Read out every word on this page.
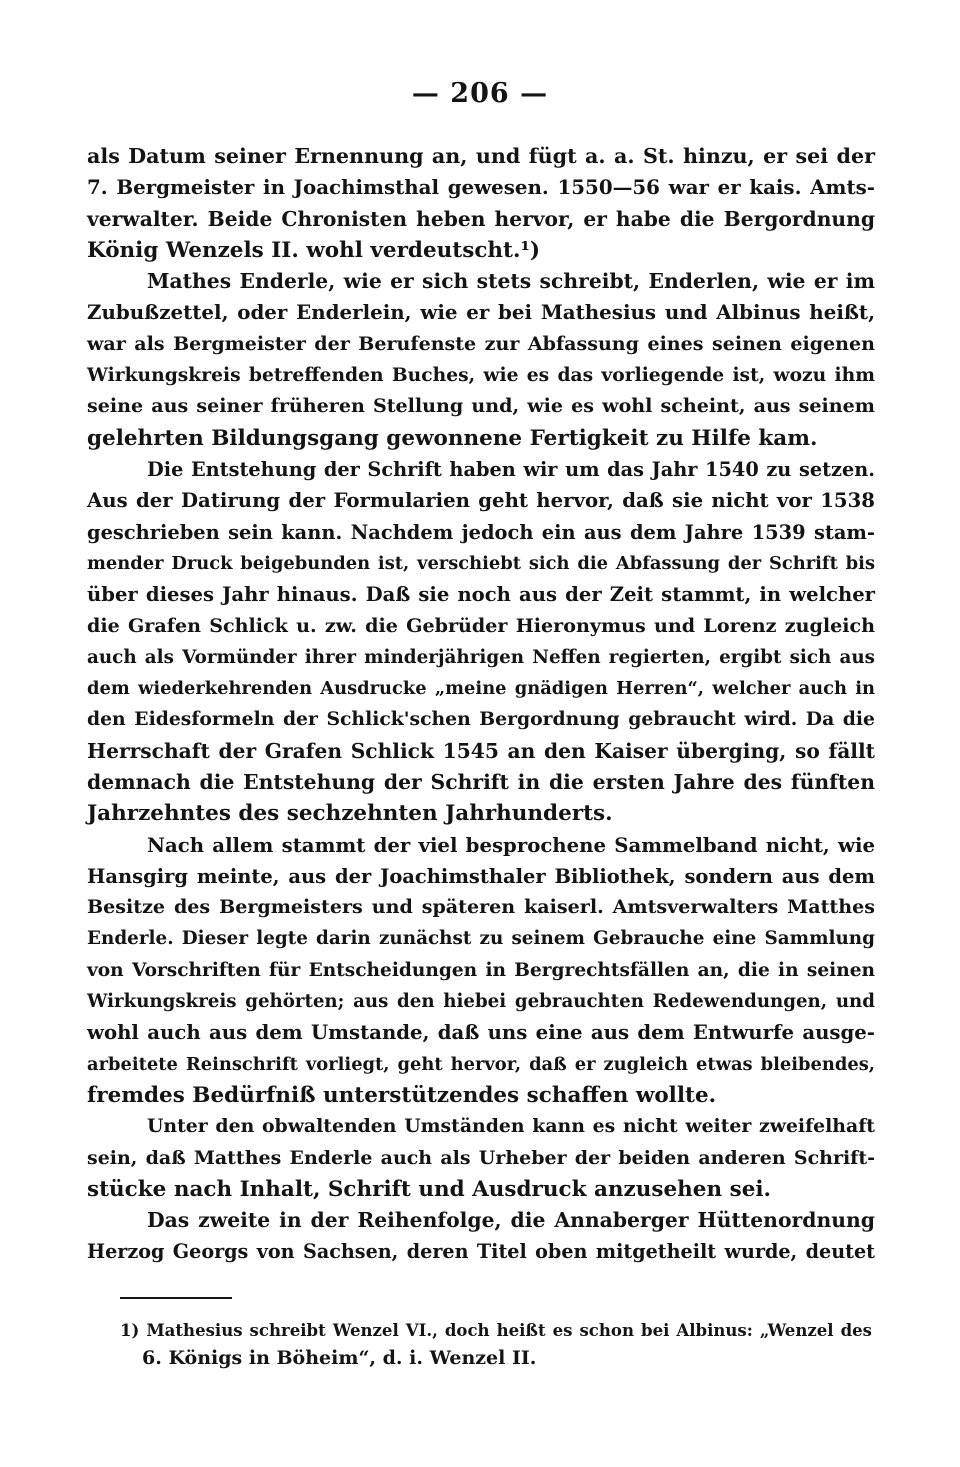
— 206 —
als Datum seiner Ernennung an, und fügt a. a. St. hinzu, er sei der
7. Bergmeister in Joachimsthal gewesen. 1550—56 war er kais. Amts-
verwalter. Beide Chronisten heben hervor, er habe die Bergordnung
König Wenzels II. wohl verdeutscht.¹)
Mathes Enderle, wie er sich stets schreibt, Enderlen, wie er im
Zubußzettel, oder Enderlein, wie er bei Mathesius und Albinus heißt,
war als Bergmeister der Berufenste zur Abfassung eines seinen eigenen
Wirkungskreis betreffenden Buches, wie es das vorliegende ist, wozu ihm
seine aus seiner früheren Stellung und, wie es wohl scheint, aus seinem
gelehrten Bildungsgang gewonnene Fertigkeit zu Hilfe kam.
Die Entstehung der Schrift haben wir um das Jahr 1540 zu setzen.
Aus der Datirung der Formularien geht hervor, daß sie nicht vor 1538
geschrieben sein kann. Nachdem jedoch ein aus dem Jahre 1539 stam-
mender Druck beigebunden ist, verschiebt sich die Abfassung der Schrift bis
über dieses Jahr hinaus. Daß sie noch aus der Zeit stammt, in welcher
die Grafen Schlick u. zw. die Gebrüder Hieronymus und Lorenz zugleich
auch als Vormünder ihrer minderjährigen Neffen regierten, ergibt sich aus
dem wiederkehrenden Ausdrucke „meine gnädigen Herren“, welcher auch in
den Eidesformeln der Schlick'schen Bergordnung gebraucht wird. Da die
Herrschaft der Grafen Schlick 1545 an den Kaiser überging, so fällt
demnach die Entstehung der Schrift in die ersten Jahre des fünften
Jahrzehntes des sechzehnten Jahrhunderts.
Nach allem stammt der viel besprochene Sammelband nicht, wie
Hansgirg meinte, aus der Joachimsthaler Bibliothek, sondern aus dem
Besitze des Bergmeisters und späteren kaiserl. Amtsverwalters Matthes
Enderle. Dieser legte darin zunächst zu seinem Gebrauche eine Sammlung
von Vorschriften für Entscheidungen in Bergrechtsfällen an, die in seinen
Wirkungskreis gehörten; aus den hiebei gebrauchten Redewendungen, und
wohl auch aus dem Umstande, daß uns eine aus dem Entwurfe ausge-
arbeitete Reinschrift vorliegt, geht hervor, daß er zugleich etwas bleibendes,
fremdes Bedürfniß unterstützendes schaffen wollte.
Unter den obwaltenden Umständen kann es nicht weiter zweifelhaft
sein, daß Matthes Enderle auch als Urheber der beiden anderen Schrift-
stücke nach Inhalt, Schrift und Ausdruck anzusehen sei.
Das zweite in der Reihenfolge, die Annaberger Hüttenordnung
Herzog Georgs von Sachsen, deren Titel oben mitgetheilt wurde, deutet
1) Mathesius schreibt Wenzel VI., doch heißt es schon bei Albinus: „Wenzel des
6. Königs in Böheim“, d. i. Wenzel II.
